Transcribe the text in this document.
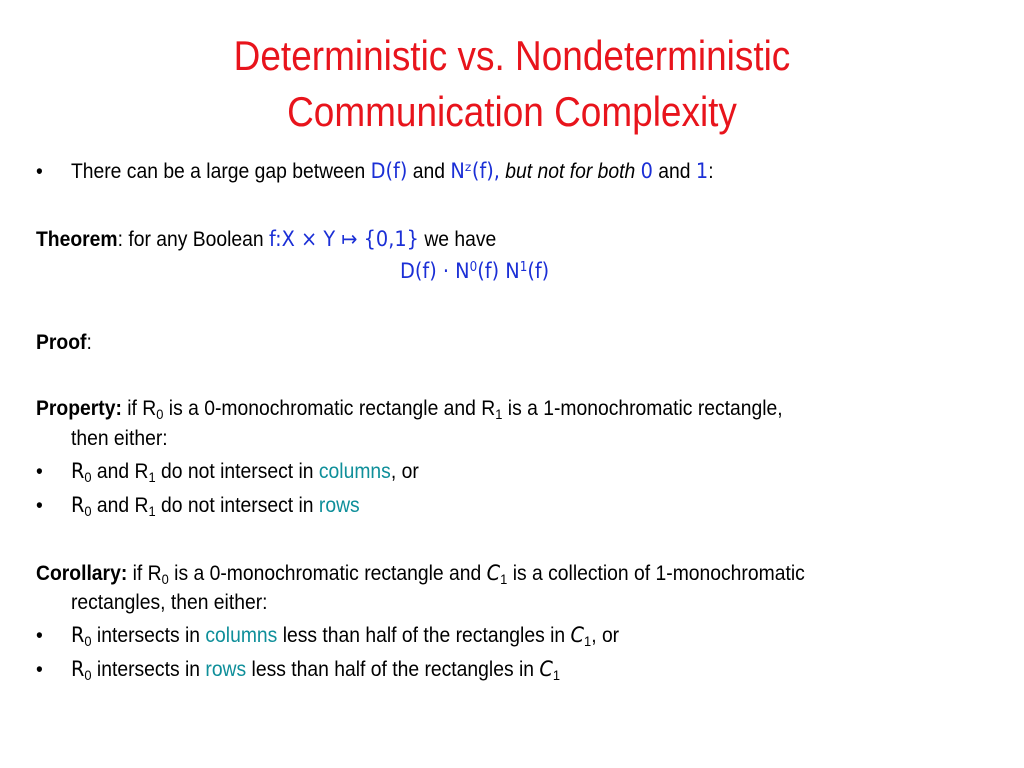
Deterministic vs. Nondeterministic
Communication Complexity
• There can be a large gap between D(f) and Nᶻ(f), but not for both 0 and 1:
Theorem: for any Boolean f:X × Y ↦ {0,1} we have
$D(f) \cdot N^0(f)$ $N^1(f)$
Proof:
Property: if $R_0$ is a 0-monochromatic rectangle and $R_1$ is a 1-monochromatic rectangle,
then either:
• $R_0$ and $R_1$ do not intersect in columns, or
• $R_0$ and $R_1$ do not intersect in rows
Corollary: if $R_0$ is a 0-monochromatic rectangle and $C_1$ is a collection of 1-monochromatic
rectangles, then either:
• $R_0$ intersects in columns less than half of the rectangles in $C_1$, or
• $R_0$ intersects in rows less than half of the rectangles in $C_1$
